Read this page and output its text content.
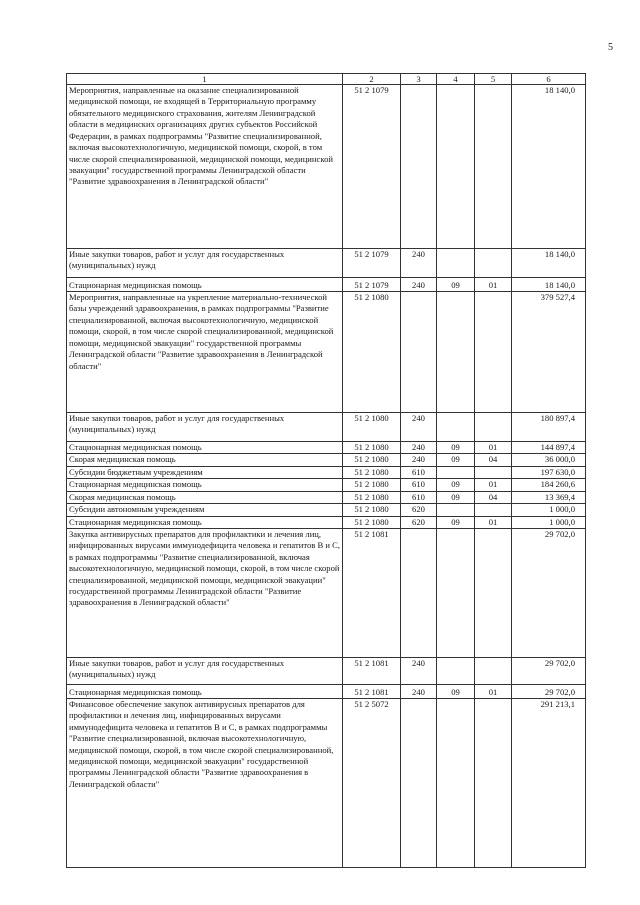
5
1	2	3	4	5	6
Мероприятия, направленные на оказание специализированной медицинской помощи, не входящей в Территориальную программу обязательного медицинского страхования, жителям Ленинградской области в медицинских организациях других субъектов Российской Федерации, в рамках подпрограммы "Развитие специализированной, включая высокотехнологичную, медицинской помощи, скорой, в том числе скорой специализированной, медицинской помощи, медицинской эвакуации" государственной программы Ленинградской области "Развитие здравоохранения в Ленинградской области"	51 2 1079				18 140,0
Иные закупки товаров, работ и услуг для государственных (муниципальных) нужд	51 2 1079	240			18 140,0
Стационарная медицинская помощь	51 2 1079	240	09	01	18 140,0
Мероприятия, направленные на укрепление материально-технической базы учреждений здравоохранения, в рамках подпрограммы "Развитие специализированной, включая высокотехнологичную, медицинской помощи, скорой, в том числе скорой специализированной, медицинской помощи, медицинской эвакуации" государственной программы Ленинградской области "Развитие здравоохранения в Ленинградской области"	51 2 1080				379 527,4
Иные закупки товаров, работ и услуг для государственных (муниципальных) нужд	51 2 1080	240			180 897,4
Стационарная медицинская помощь	51 2 1080	240	09	01	144 897,4
Скорая медицинская помощь	51 2 1080	240	09	04	36 000,0
Субсидии бюджетным учреждениям	51 2 1080	610			197 630,0
Стационарная медицинская помощь	51 2 1080	610	09	01	184 260,6
Скорая медицинская помощь	51 2 1080	610	09	04	13 369,4
Субсидии автономным учреждениям	51 2 1080	620			1 000,0
Стационарная медицинская помощь	51 2 1080	620	09	01	1 000,0
Закупка антивирусных препаратов для профилактики и лечения лиц, инфицированных вирусами иммунодефицита человека и гепатитов В и С, в рамках подпрограммы "Развитие специализированной, включая высокотехнологичную, медицинской помощи, скорой, в том числе скорой специализированной, медицинской помощи, медицинской эвакуации" государственной программы Ленинградской области "Развитие здравоохранения в Ленинградской области"	51 2 1081				29 702,0
Иные закупки товаров, работ и услуг для государственных (муниципальных) нужд	51 2 1081	240			29 702,0
Стационарная медицинская помощь	51 2 1081	240	09	01	29 702,0
Финансовое обеспечение закупок антивирусных препаратов для профилактики и лечения лиц, инфицированных вирусами иммунодефицита человека и гепатитов В и С, в рамках подпрограммы "Развитие специализированной, включая высокотехнологичную, медицинской помощи, скорой, в том числе скорой специализированной, медицинской помощи, медицинской эвакуации" государственной программы Ленинградской области "Развитие здравоохранения в Ленинградской области"	51 2 5072				291 213,1
